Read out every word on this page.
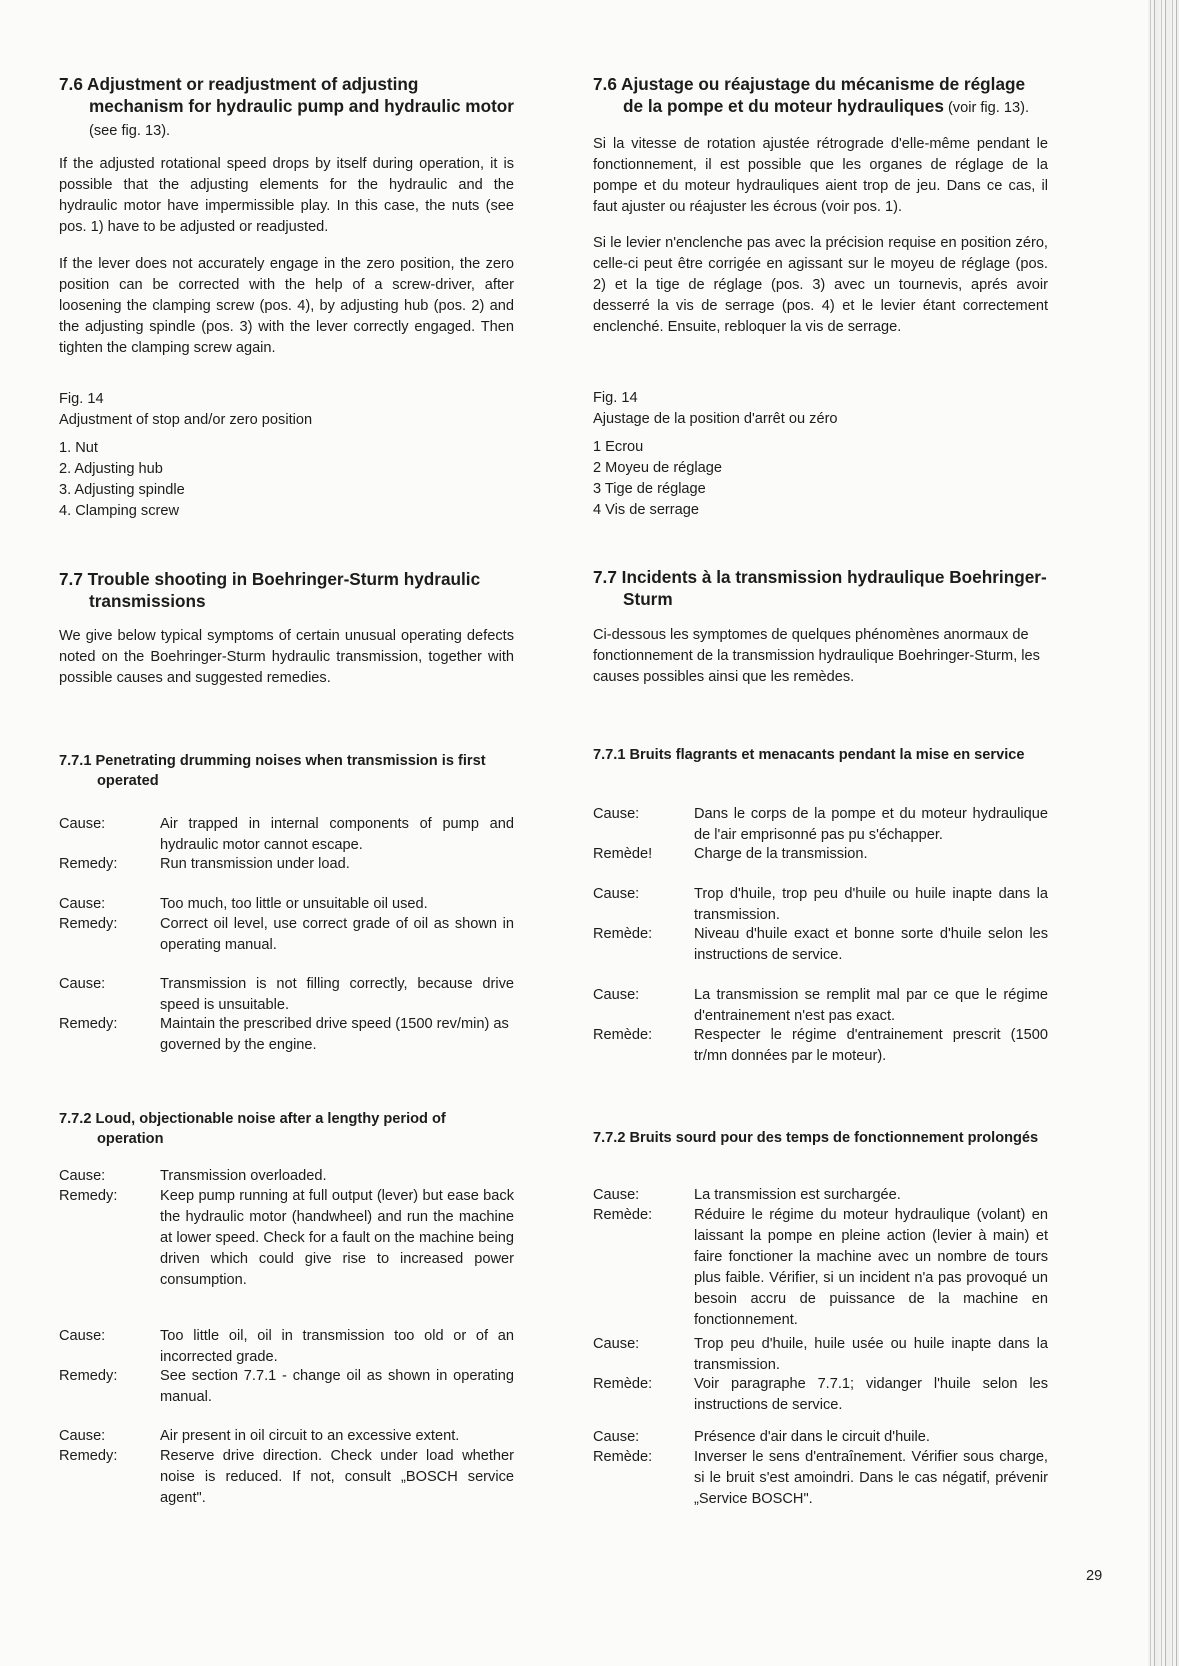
7.6 Adjustment or readjustment of adjusting mechanism for hydraulic pump and hydraulic motor (see fig. 13).

If the adjusted rotational speed drops by itself during operation, it is possible that the adjusting elements for the hydraulic and the hydraulic motor have impermissible play. In this case, the nuts (see pos. 1) have to be adjusted or readjusted.

If the lever does not accurately engage in the zero position, the zero position can be corrected with the help of a screw-driver, after loosening the clamping screw (pos. 4), by adjusting hub (pos. 2) and the adjusting spindle (pos. 3) with the lever correctly engaged. Then tighten the clamping screw again.

Fig. 14

Adjustment of stop and/or zero position

1. Nut

2. Adjusting hub

3. Adjusting spindle

4. Clamping screw

7.7 Trouble shooting in Boehringer-Sturm hydraulic transmissions

We give below typical symptoms of certain unusual operating defects noted on the Boehringer-Sturm hydraulic transmission, together with possible causes and suggested remedies.

7.7.1 Penetrating drumming noises when transmission is first operated

Cause:	Air trapped in internal components of pump and hydraulic motor cannot escape.
Remedy:	Run transmission under load.
Cause:	Too much, too little or unsuitable oil used.
Remedy:	Correct oil level, use correct grade of oil as shown in operating manual.
Cause:	Transmission is not filling correctly, because drive speed is unsuitable.
Remedy:	Maintain the prescribed drive speed (1500 rev/min) as governed by the engine.

7.7.2 Loud, objectionable noise after a lengthy period of operation

Cause:	Transmission overloaded.
Remedy:	Keep pump running at full output (lever) but ease back the hydraulic motor (handwheel) and run the machine at lower speed. Check for a fault on the machine being driven which could give rise to increased power consumption.
Cause:	Too little oil, oil in transmission too old or of an incorrected grade.
Remedy:	See section 7.7.1 - change oil as shown in operating manual.
Cause:	Air present in oil circuit to an excessive extent.
Remedy:	Reserve drive direction. Check under load whether noise is reduced. If not, consult „BOSCH service agent".

7.6 Ajustage ou réajustage du mécanisme de réglage de la pompe et du moteur hydrauliques (voir fig. 13).

Si la vitesse de rotation ajustée rétrograde d'elle-même pendant le fonctionnement, il est possible que les organes de réglage de la pompe et du moteur hydrauliques aient trop de jeu. Dans ce cas, il faut ajuster ou réajuster les écrous (voir pos. 1).

Si le levier n'enclenche pas avec la précision requise en position zéro, celle-ci peut être corrigée en agissant sur le moyeu de réglage (pos. 2) et la tige de réglage (pos. 3) avec un tournevis, aprés avoir desserré la vis de serrage (pos. 4) et le levier étant correctement enclenché. Ensuite, rebloquer la vis de serrage.

Fig. 14

Ajustage de la position d'arrêt ou zéro

1 Ecrou

2 Moyeu de réglage

3 Tige de réglage

4 Vis de serrage

7.7 Incidents à la transmission hydraulique Boehringer-Sturm

Ci-dessous les symptomes de quelques phénomènes anormaux de fonctionnement de la transmission hydraulique Boehringer-Sturm, les causes possibles ainsi que les remèdes.

7.7.1 Bruits flagrants et menacants pendant la mise en service

Cause:	Dans le corps de la pompe et du moteur hydraulique de l'air emprisonné pas pu s'échapper.
Remède!	Charge de la transmission.
Cause:	Trop d'huile, trop peu d'huile ou huile inapte dans la transmission.
Remède:	Niveau d'huile exact et bonne sorte d'huile selon les instructions de service.
Cause:	La transmission se remplit mal par ce que le régime d'entrainement n'est pas exact.
Remède:	Respecter le régime d'entrainement prescrit (1500 tr/mn données par le moteur).

7.7.2 Bruits sourd pour des temps de fonctionnement prolongés

Cause:	La transmission est surchargée.
Remède:	Réduire le régime du moteur hydraulique (volant) en laissant la pompe en pleine action (levier à main) et faire fonctioner la machine avec un nombre de tours plus faible. Vérifier, si un incident n'a pas provoqué un besoin accru de puissance de la machine en fonctionnement.
Cause:	Trop peu d'huile, huile usée ou huile inapte dans la transmission.
Remède:	Voir paragraphe 7.7.1; vidanger l'huile selon les instructions de service.
Cause:	Présence d'air dans le circuit d'huile.
Remède:	Inverser le sens d'entraînement. Vérifier sous charge, si le bruit s'est amoindri. Dans le cas négatif, prévenir „Service BOSCH".
29
